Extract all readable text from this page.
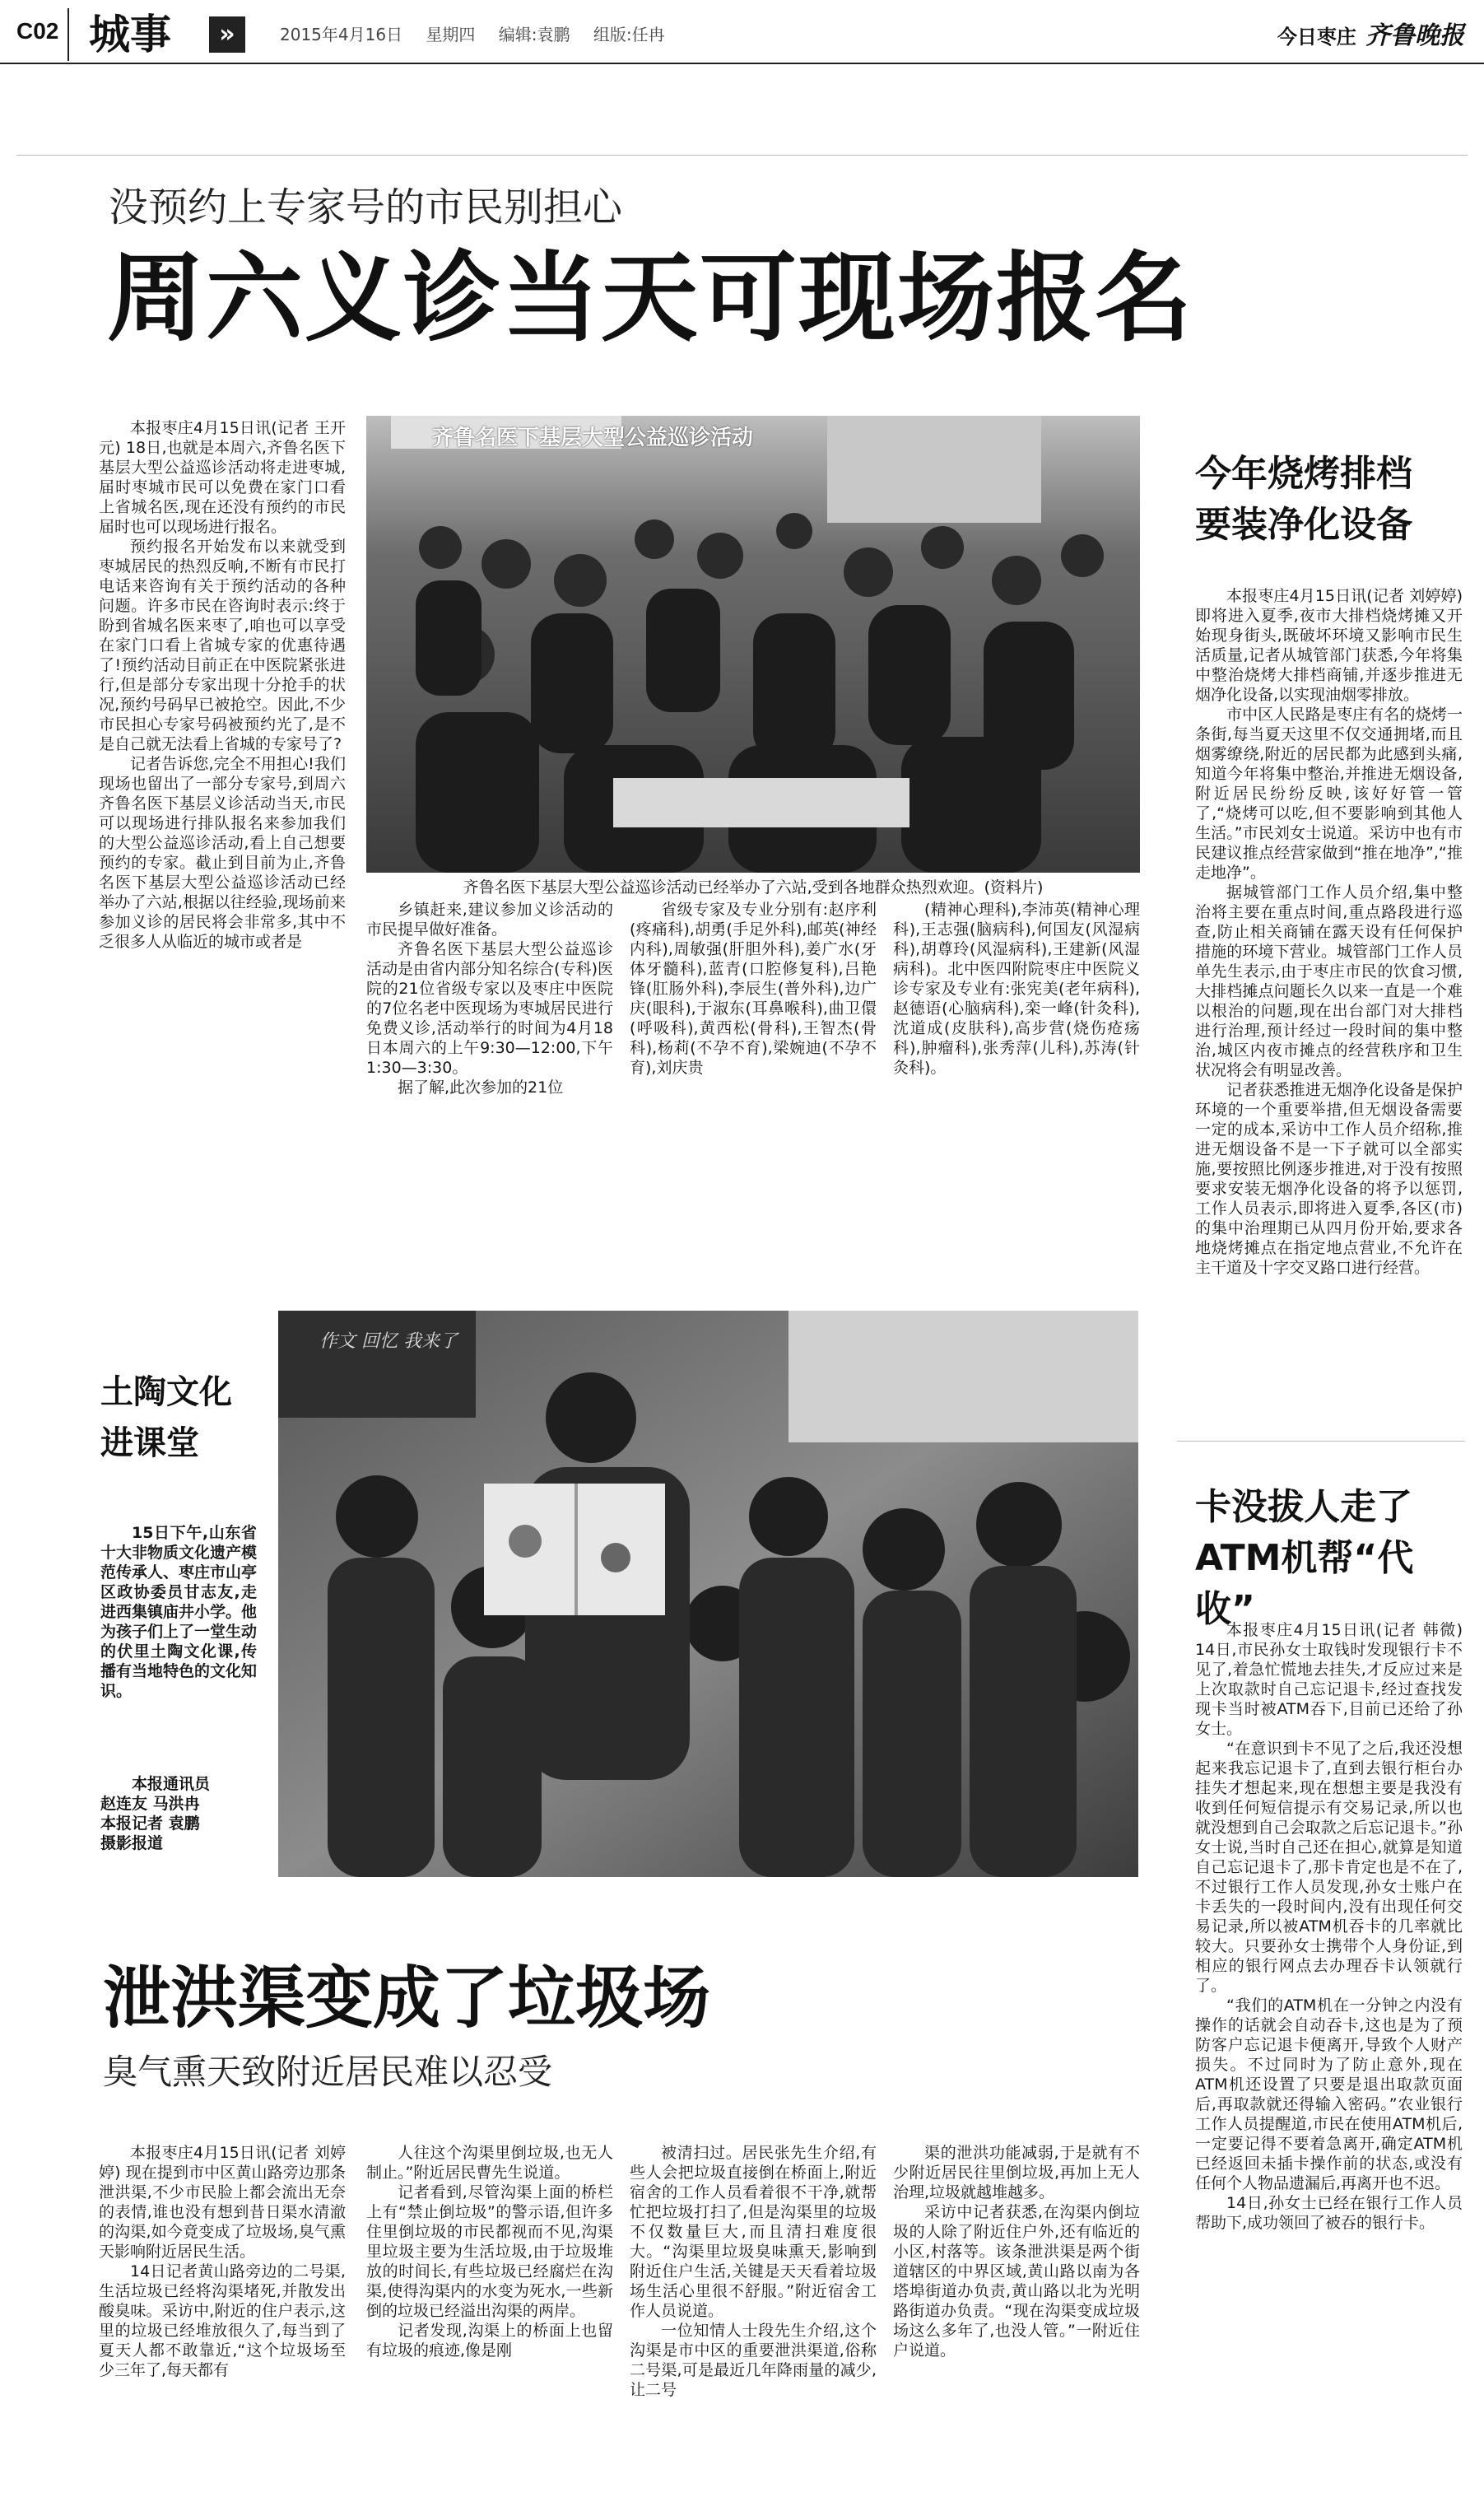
C02 城事	»	2015年4月16日 星期四 编辑:袁鹏 组版:任冉	今日枣庄 齐鲁晚报
没预约上专家号的市民别担心
周六义诊当天可现场报名
齐鲁名医下基层大型公益巡诊活动
齐鲁名医下基层大型公益巡诊活动已经举办了六站,受到各地群众热烈欢迎。(资料片)

本报枣庄4月15日讯(记者 王开元) 18日,也就是本周六,齐鲁名医下基层大型公益巡诊活动将走进枣城,届时枣城市民可以免费在家门口看上省城名医,现在还没有预约的市民届时也可以现场进行报名。

预约报名开始发布以来就受到枣城居民的热烈反响,不断有市民打电话来咨询有关于预约活动的各种问题。许多市民在咨询时表示:终于盼到省城名医来枣了,咱也可以享受在家门口看上省城专家的优惠待遇了!预约活动目前正在中医院紧张进行,但是部分专家出现十分抢手的状况,预约号码早已被抢空。因此,不少市民担心专家号码被预约光了,是不是自己就无法看上省城的专家号了?

记者告诉您,完全不用担心!我们现场也留出了一部分专家号,到周六齐鲁名医下基层义诊活动当天,市民可以现场进行排队报名来参加我们的大型公益巡诊活动,看上自己想要预约的专家。截止到目前为止,齐鲁名医下基层大型公益巡诊活动已经举办了六站,根据以往经验,现场前来参加义诊的居民将会非常多,其中不乏很多人从临近的城市或者是

乡镇赶来,建议参加义诊活动的市民提早做好准备。

齐鲁名医下基层大型公益巡诊活动是由省内部分知名综合(专科)医院的21位省级专家以及枣庄中医院的7位名老中医现场为枣城居民进行免费义诊,活动举行的时间为4月18日本周六的上午9:30—12:00,下午1:30—3:30。

据了解,此次参加的21位

省级专家及专业分别有:赵序利(疼痛科),胡勇(手足外科),邮英(神经内科),周敏强(肝胆外科),姜广水(牙体牙髓科),蓝青(口腔修复科),吕艳锋(肛肠外科),李辰生(普外科),边广庆(眼科),于淑东(耳鼻喉科),曲卫儇(呼吸科),黄西松(骨科),王智杰(骨科),杨莉(不孕不育),梁婉迪(不孕不育),刘庆贵

(精神心理科),李沛英(精神心理科),王志强(脑病科),何国友(风湿病科),胡尊玲(风湿病科),王建新(风湿病科)。北中医四附院枣庄中医院义诊专家及专业有:张宪美(老年病科),赵德语(心脑病科),栾一峰(针灸科),沈道成(皮肤科),高步营(烧伤疮疡科),肿瘤科),张秀萍(儿科),苏涛(针灸科)。

今年烧烤排档
要装净化设备

本报枣庄4月15日讯(记者 刘婷婷) 即将进入夏季,夜市大排档烧烤摊又开始现身街头,既破坏环境又影响市民生活质量,记者从城管部门获悉,今年将集中整治烧烤大排档商铺,并逐步推进无烟净化设备,以实现油烟零排放。

市中区人民路是枣庄有名的烧烤一条街,每当夏天这里不仅交通拥堵,而且烟雾缭绕,附近的居民都为此感到头痛,知道今年将集中整治,并推进无烟设备,附近居民纷纷反映,该好好管一管了,“烧烤可以吃,但不要影响到其他人生活。”市民刘女士说道。采访中也有市民建议推点经营家做到“推在地净”,“推走地净”。

据城管部门工作人员介绍,集中整治将主要在重点时间,重点路段进行巡查,防止相关商铺在露天设有任何保护措施的环境下营业。城管部门工作人员单先生表示,由于枣庄市民的饮食习惯,大排档摊点问题长久以来一直是一个难以根治的问题,现在出台部门对大排档进行治理,预计经过一段时间的集中整治,城区内夜市摊点的经营秩序和卫生状况将会有明显改善。

记者获悉推进无烟净化设备是保护环境的一个重要举措,但无烟设备需要一定的成本,采访中工作人员介绍称,推进无烟设备不是一下子就可以全部实施,要按照比例逐步推进,对于没有按照要求安装无烟净化设备的将予以惩罚,工作人员表示,即将进入夏季,各区(市)的集中治理期已从四月份开始,要求各地烧烤摊点在指定地点营业,不允许在主干道及十字交叉路口进行经营。

土陶文化
进课堂

15日下午,山东省十大非物质文化遗产模范传承人、枣庄市山亭区政协委员甘志友,走进西集镇庙井小学。他为孩子们上了一堂生动的伏里土陶文化课,传播有当地特色的文化知识。

本报通讯员
赵连友 马洪冉
本报记者 袁鹏
摄影报道
作文 回忆 我来了
卡没拔人走了
ATM机帮“代收”

本报枣庄4月15日讯(记者 韩微) 14日,市民孙女士取钱时发现银行卡不见了,着急忙慌地去挂失,才反应过来是上次取款时自己忘记退卡,经过查找发现卡当时被ATM吞下,目前已还给了孙女士。

“在意识到卡不见了之后,我还没想起来我忘记退卡了,直到去银行柜台办挂失才想起来,现在想想主要是我没有收到任何短信提示有交易记录,所以也就没想到自己会取款之后忘记退卡。”孙女士说,当时自己还在担心,就算是知道自己忘记退卡了,那卡肯定也是不在了,不过银行工作人员发现,孙女士账户在卡丢失的一段时间内,没有出现任何交易记录,所以被ATM机吞卡的几率就比较大。只要孙女士携带个人身份证,到相应的银行网点去办理吞卡认领就行了。

“我们的ATM机在一分钟之内没有操作的话就会自动吞卡,这也是为了预防客户忘记退卡便离开,导致个人财产损失。不过同时为了防止意外,现在ATM机还设置了只要是退出取款页面后,再取款就还得输入密码。”农业银行工作人员提醒道,市民在使用ATM机后,一定要记得不要着急离开,确定ATM机已经返回未插卡操作前的状态,或没有任何个人物品遗漏后,再离开也不迟。

14日,孙女士已经在银行工作人员帮助下,成功领回了被吞的银行卡。

泄洪渠变成了垃圾场
臭气熏天致附近居民难以忍受

本报枣庄4月15日讯(记者 刘婷婷) 现在提到市中区黄山路旁边那条泄洪渠,不少市民脸上都会流出无奈的表情,谁也没有想到昔日渠水清澈的沟渠,如今竟变成了垃圾场,臭气熏天影响附近居民生活。

14日记者黄山路旁边的二号渠,生活垃圾已经将沟渠堵死,并散发出酸臭味。采访中,附近的住户表示,这里的垃圾已经堆放很久了,每当到了夏天人都不敢靠近,“这个垃圾场至少三年了,每天都有

人往这个沟渠里倒垃圾,也无人制止。”附近居民曹先生说道。

记者看到,尽管沟渠上面的桥栏上有“禁止倒垃圾”的警示语,但许多住里倒垃圾的市民都视而不见,沟渠里垃圾主要为生活垃圾,由于垃圾堆放的时间长,有些垃圾已经腐烂在沟渠,使得沟渠内的水变为死水,一些新倒的垃圾已经溢出沟渠的两岸。

记者发现,沟渠上的桥面上也留有垃圾的痕迹,像是刚

被清扫过。居民张先生介绍,有些人会把垃圾直接倒在桥面上,附近宿舍的工作人员看着很不干净,就帮忙把垃圾打扫了,但是沟渠里的垃圾不仅数量巨大,而且清扫难度很大。“沟渠里垃圾臭味熏天,影响到附近住户生活,关键是天天看着垃圾场生活心里很不舒服。”附近宿舍工作人员说道。

一位知情人士段先生介绍,这个沟渠是市中区的重要泄洪渠道,俗称二号渠,可是最近几年降雨量的减少,让二号

渠的泄洪功能减弱,于是就有不少附近居民往里倒垃圾,再加上无人治理,垃圾就越堆越多。

采访中记者获悉,在沟渠内倒垃圾的人除了附近住户外,还有临近的小区,村落等。该条泄洪渠是两个街道辖区的中界区域,黄山路以南为各塔埠街道办负责,黄山路以北为光明路街道办负责。“现在沟渠变成垃圾场这么多年了,也没人管。”一附近住户说道。
